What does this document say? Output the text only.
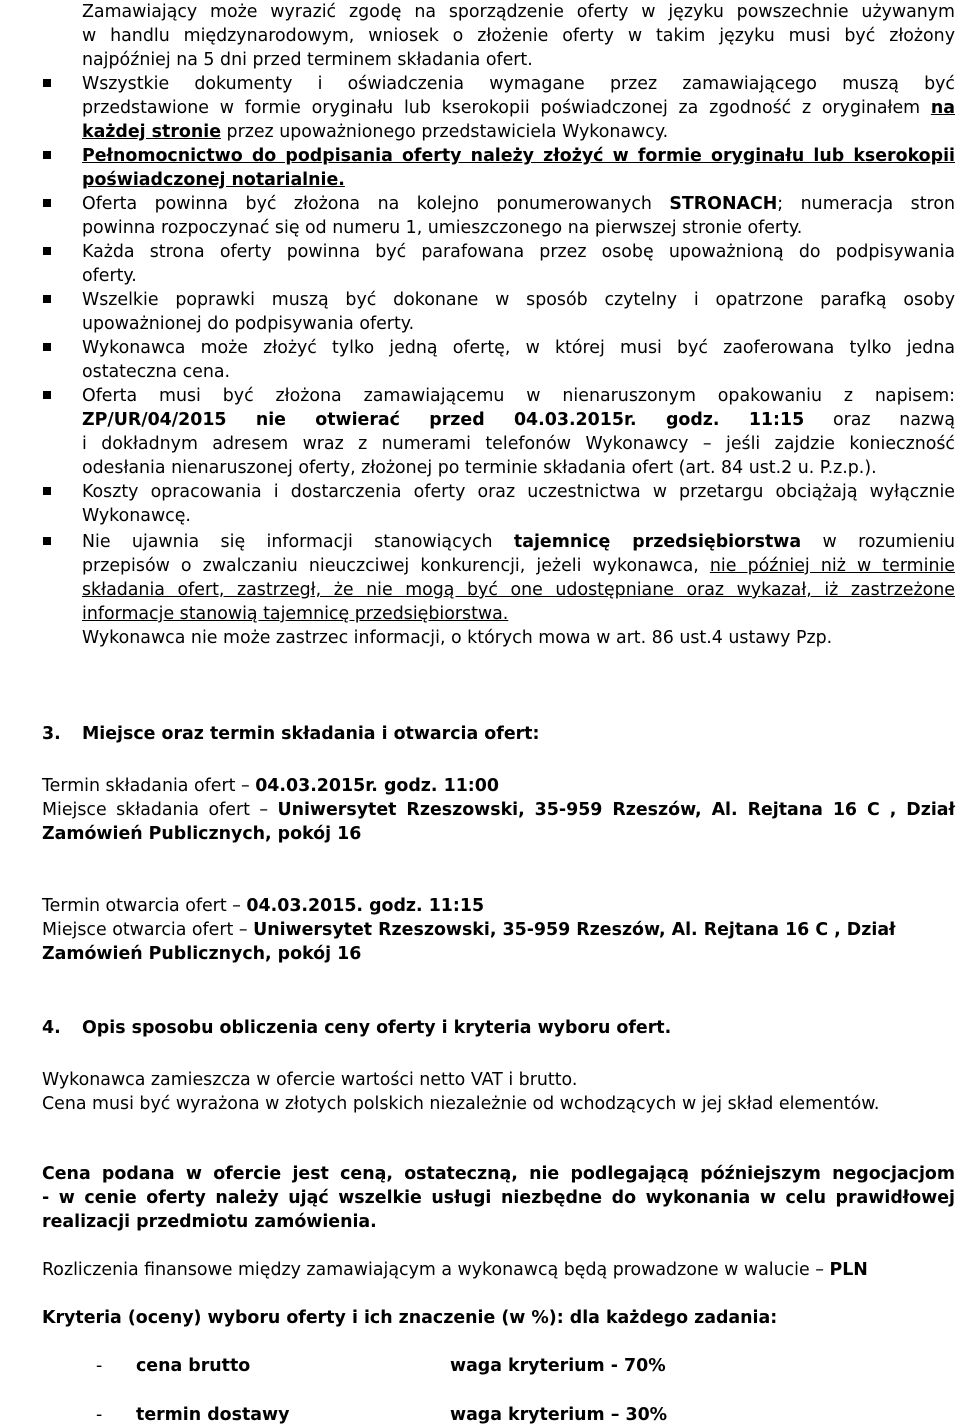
Zamawiający może wyrazić zgodę na sporządzenie oferty w języku powszechnie używanym
w handlu międzynarodowym, wniosek o złożenie oferty w takim języku musi być złożony
najpóźniej na 5 dni przed terminem składania ofert.
Wszystkie dokumenty i oświadczenia wymagane przez zamawiającego muszą być
przedstawione w formie oryginału lub kserokopii poświadczonej za zgodność z oryginałem na
każdej stronie przez upoważnionego przedstawiciela Wykonawcy.
Pełnomocnictwo do podpisania oferty należy złożyć w formie oryginału lub kserokopii
poświadczonej notarialnie.
Oferta powinna być złożona na kolejno ponumerowanych STRONACH; numeracja stron
powinna rozpoczynać się od numeru 1, umieszczonego na pierwszej stronie oferty.
Każda strona oferty powinna być parafowana przez osobę upoważnioną do podpisywania
oferty.
Wszelkie poprawki muszą być dokonane w sposób czytelny i opatrzone parafką osoby
upoważnionej do podpisywania oferty.
Wykonawca może złożyć tylko jedną ofertę, w której musi być zaoferowana tylko jedna
ostateczna cena.
Oferta musi być złożona zamawiającemu w nienaruszonym opakowaniu z napisem:
ZP/UR/04/2015 nie otwierać przed 04.03.2015r. godz. 11:15 oraz nazwą
i dokładnym adresem wraz z numerami telefonów Wykonawcy – jeśli zajdzie konieczność
odesłania nienaruszonej oferty, złożonej po terminie składania ofert (art. 84 ust.2 u. P.z.p.).
Koszty opracowania i dostarczenia oferty oraz uczestnictwa w przetargu obciążają wyłącznie
Wykonawcę.
Nie ujawnia się informacji stanowiących tajemnicę przedsiębiorstwa w rozumieniu
przepisów o zwalczaniu nieuczciwej konkurencji, jeżeli wykonawca, nie później niż w terminie
składania ofert, zastrzegł, że nie mogą być one udostępniane oraz wykazał, iż zastrzeżone
informacje stanowią tajemnicę przedsiębiorstwa.
Wykonawca nie może zastrzec informacji, o których mowa w art. 86 ust.4 ustawy Pzp.
3. Miejsce oraz termin składania i otwarcia ofert:
Termin składania ofert – 04.03.2015r. godz. 11:00
Miejsce składania ofert – Uniwersytet Rzeszowski, 35-959 Rzeszów, Al. Rejtana 16 C , Dział
Zamówień Publicznych, pokój 16
Termin otwarcia ofert – 04.03.2015. godz. 11:15
Miejsce otwarcia ofert – Uniwersytet Rzeszowski, 35-959 Rzeszów, Al. Rejtana 16 C , Dział
Zamówień Publicznych, pokój 16
4. Opis sposobu obliczenia ceny oferty i kryteria wyboru ofert.
Wykonawca zamieszcza w ofercie wartości netto VAT i brutto.
Cena musi być wyrażona w złotych polskich niezależnie od wchodzących w jej skład elementów.
Cena podana w ofercie jest ceną, ostateczną, nie podlegającą późniejszym negocjacjom
- w cenie oferty należy ująć wszelkie usługi niezbędne do wykonania w celu prawidłowej
realizacji przedmiotu zamówienia.
Rozliczenia finansowe między zamawiającym a wykonawcą będą prowadzone w walucie – PLN
Kryteria (oceny) wyboru oferty i ich znaczenie (w %): dla każdego zadania:
- cena brutto	waga kryterium - 70%
- termin dostawy	waga kryterium – 30%
